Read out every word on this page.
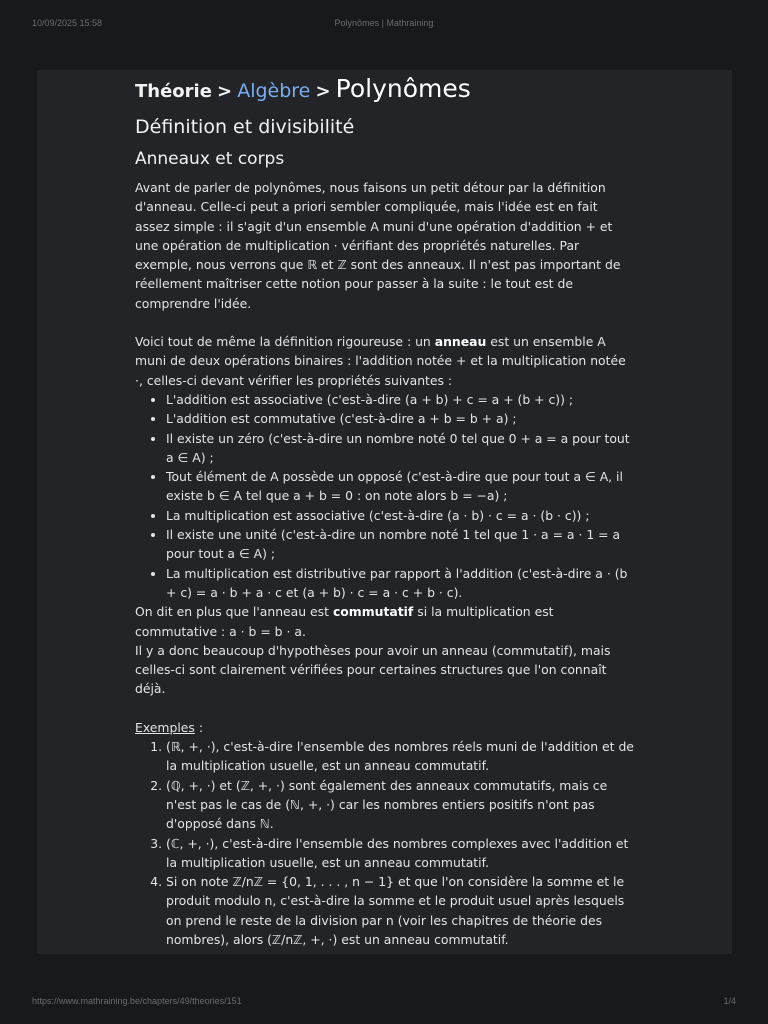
10/09/2025 15:58	Polynômes | Mathraining
Théorie > Algèbre > Polynômes
Définition et divisibilité
Anneaux et corps

Avant de parler de polynômes, nous faisons un petit détour par la définition d'anneau. Celle-ci peut a priori sembler compliquée, mais l'idée est en fait assez simple : il s'agit d'un ensemble A muni d'une opération d'addition + et une opération de multiplication · vérifiant des propriétés naturelles. Par exemple, nous verrons que ℝ et ℤ sont des anneaux. Il n'est pas important de réellement maîtriser cette notion pour passer à la suite : le tout est de comprendre l'idée.

Voici tout de même la définition rigoureuse : un anneau est un ensemble A muni de deux opérations binaires : l'addition notée + et la multiplication notée ·, celles-ci devant vérifier les propriétés suivantes :

• L'addition est associative (c'est-à-dire (a + b) + c = a + (b + c)) ;
• L'addition est commutative (c'est-à-dire a + b = b + a) ;
• Il existe un zéro (c'est-à-dire un nombre noté 0 tel que 0 + a = a pour tout a ∈ A) ;
• Tout élément de A possède un opposé (c'est-à-dire que pour tout a ∈ A, il existe b ∈ A tel que a + b = 0 : on note alors b = −a) ;
• La multiplication est associative (c'est-à-dire (a · b) · c = a · (b · c)) ;
• Il existe une unité (c'est-à-dire un nombre noté 1 tel que 1 · a = a · 1 = a pour tout a ∈ A) ;
• La multiplication est distributive par rapport à l'addition (c'est-à-dire a · (b + c) = a · b + a · c et (a + b) · c = a · c + b · c).

On dit en plus que l'anneau est commutatif si la multiplication est commutative : a · b = b · a.

Il y a donc beaucoup d'hypothèses pour avoir un anneau (commutatif), mais celles-ci sont clairement vérifiées pour certaines structures que l'on connaît déjà.

Exemples :

1. (ℝ, +, ·), c'est-à-dire l'ensemble des nombres réels muni de l'addition et de la multiplication usuelle, est un anneau commutatif.
2. (ℚ, +, ·) et (ℤ, +, ·) sont également des anneaux commutatifs, mais ce n'est pas le cas de (ℕ, +, ·) car les nombres entiers positifs n'ont pas d'opposé dans ℕ.
3. (ℂ, +, ·), c'est-à-dire l'ensemble des nombres complexes avec l'addition et la multiplication usuelle, est un anneau commutatif.
4. Si on note ℤ/nℤ = {0, 1, . . . , n − 1} et que l'on considère la somme et le produit modulo n, c'est-à-dire la somme et le produit usuel après lesquels on prend le reste de la division par n (voir les chapitres de théorie des nombres), alors (ℤ/nℤ, +, ·) est un anneau commutatif.

https://www.mathraining.be/chapters/49/theories/151	1/4
